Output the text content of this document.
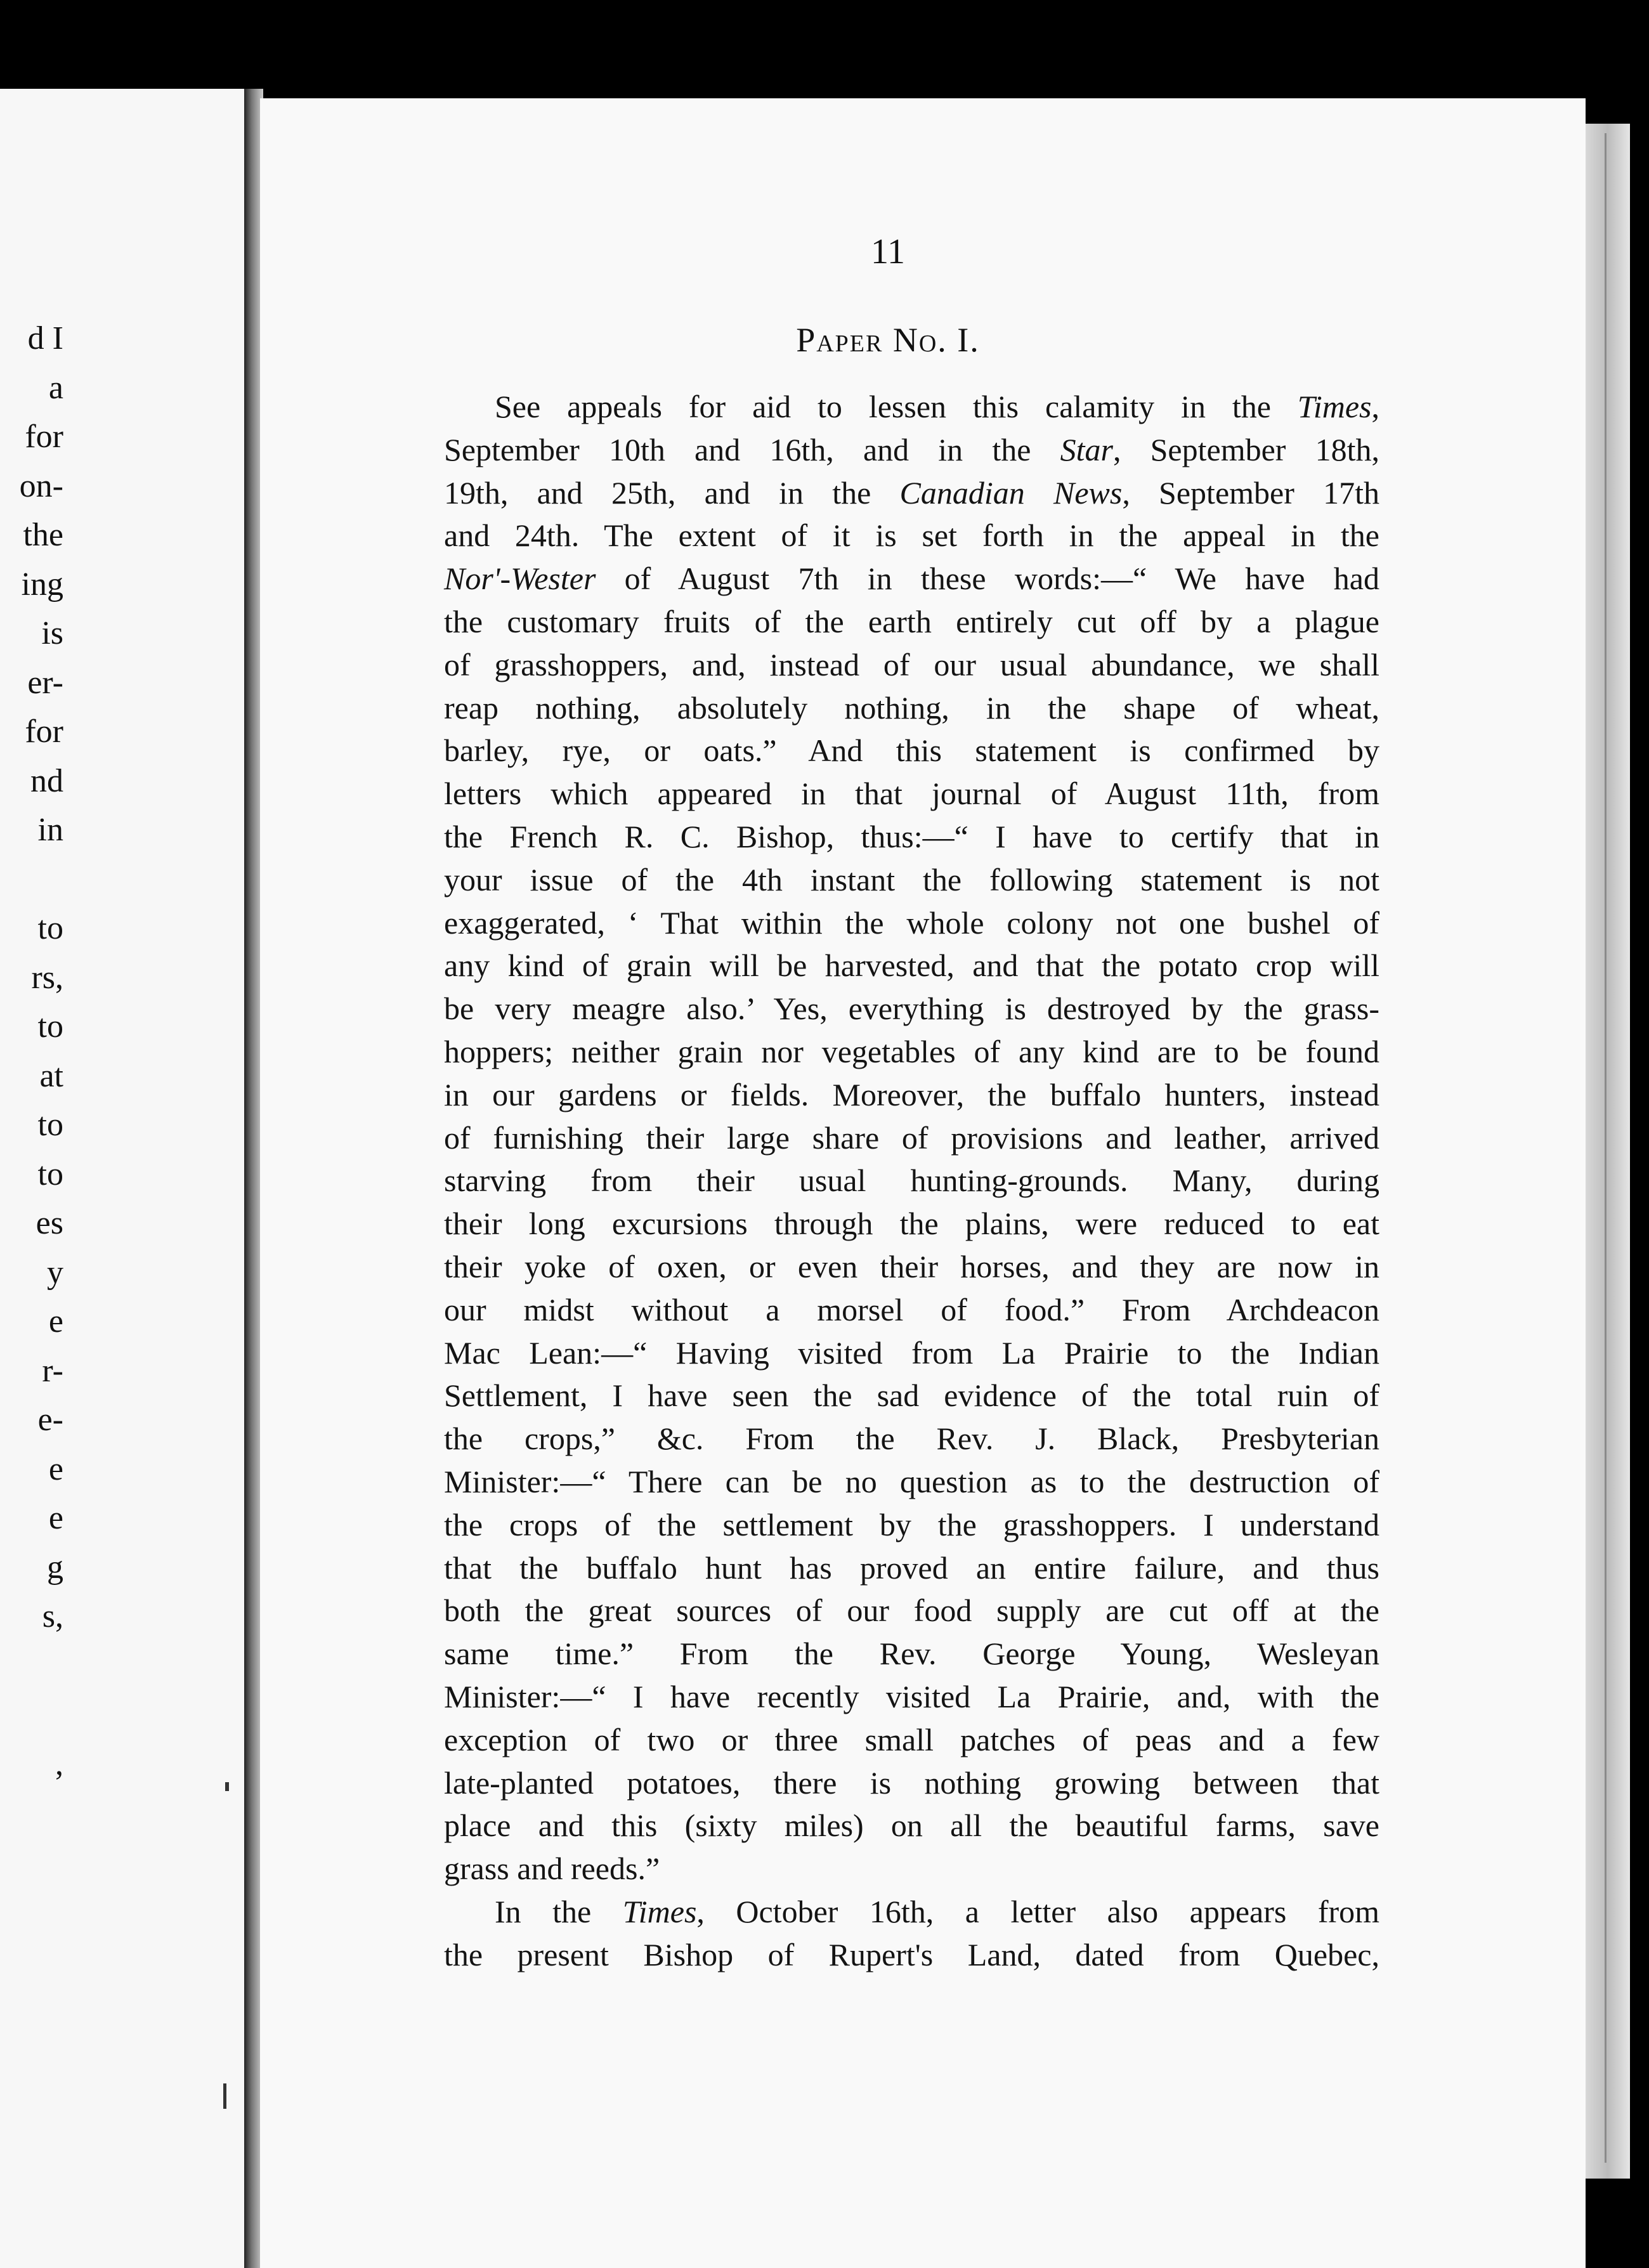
d I
a
for
on-
the
ing
is
er-
for
nd
in
to
rs,
to
at
to
to
es
y
e
r-
e-
e
e
g
s,
,
11
Paper No. I.

See appeals for aid to lessen this calamity in the Times,
September 10th and 16th, and in the Star, September 18th,
19th, and 25th, and in the Canadian News, September 17th
and 24th. The extent of it is set forth in the appeal in the
Nor'-Wester of August 7th in these words:—“ We have had
the customary fruits of the earth entirely cut off by a plague
of grasshoppers, and, instead of our usual abundance, we shall
reap nothing, absolutely nothing, in the shape of wheat,
barley, rye, or oats.” And this statement is confirmed by
letters which appeared in that journal of August 11th, from
the French R. C. Bishop, thus:—“ I have to certify that in
your issue of the 4th instant the following statement is not
exaggerated, ‘ That within the whole colony not one bushel of
any kind of grain will be harvested, and that the potato crop will
be very meagre also.’ Yes, everything is destroyed by the grass-
hoppers; neither grain nor vegetables of any kind are to be found
in our gardens or fields. Moreover, the buffalo hunters, instead
of furnishing their large share of provisions and leather, arrived
starving from their usual hunting-grounds. Many, during
their long excursions through the plains, were reduced to eat
their yoke of oxen, or even their horses, and they are now in
our midst without a morsel of food.” From Archdeacon
Mac Lean:—“ Having visited from La Prairie to the Indian
Settlement, I have seen the sad evidence of the total ruin of
the crops,” &c. From the Rev. J. Black, Presbyterian
Minister:—“ There can be no question as to the destruction of
the crops of the settlement by the grasshoppers. I understand
that the buffalo hunt has proved an entire failure, and thus
both the great sources of our food supply are cut off at the
same time.” From the Rev. George Young, Wesleyan
Minister:—“ I have recently visited La Prairie, and, with the
exception of two or three small patches of peas and a few
late-planted potatoes, there is nothing growing between that
place and this (sixty miles) on all the beautiful farms, save
grass and reeds.”

In the Times, October 16th, a letter also appears from
the present Bishop of Rupert's Land, dated from Quebec,
